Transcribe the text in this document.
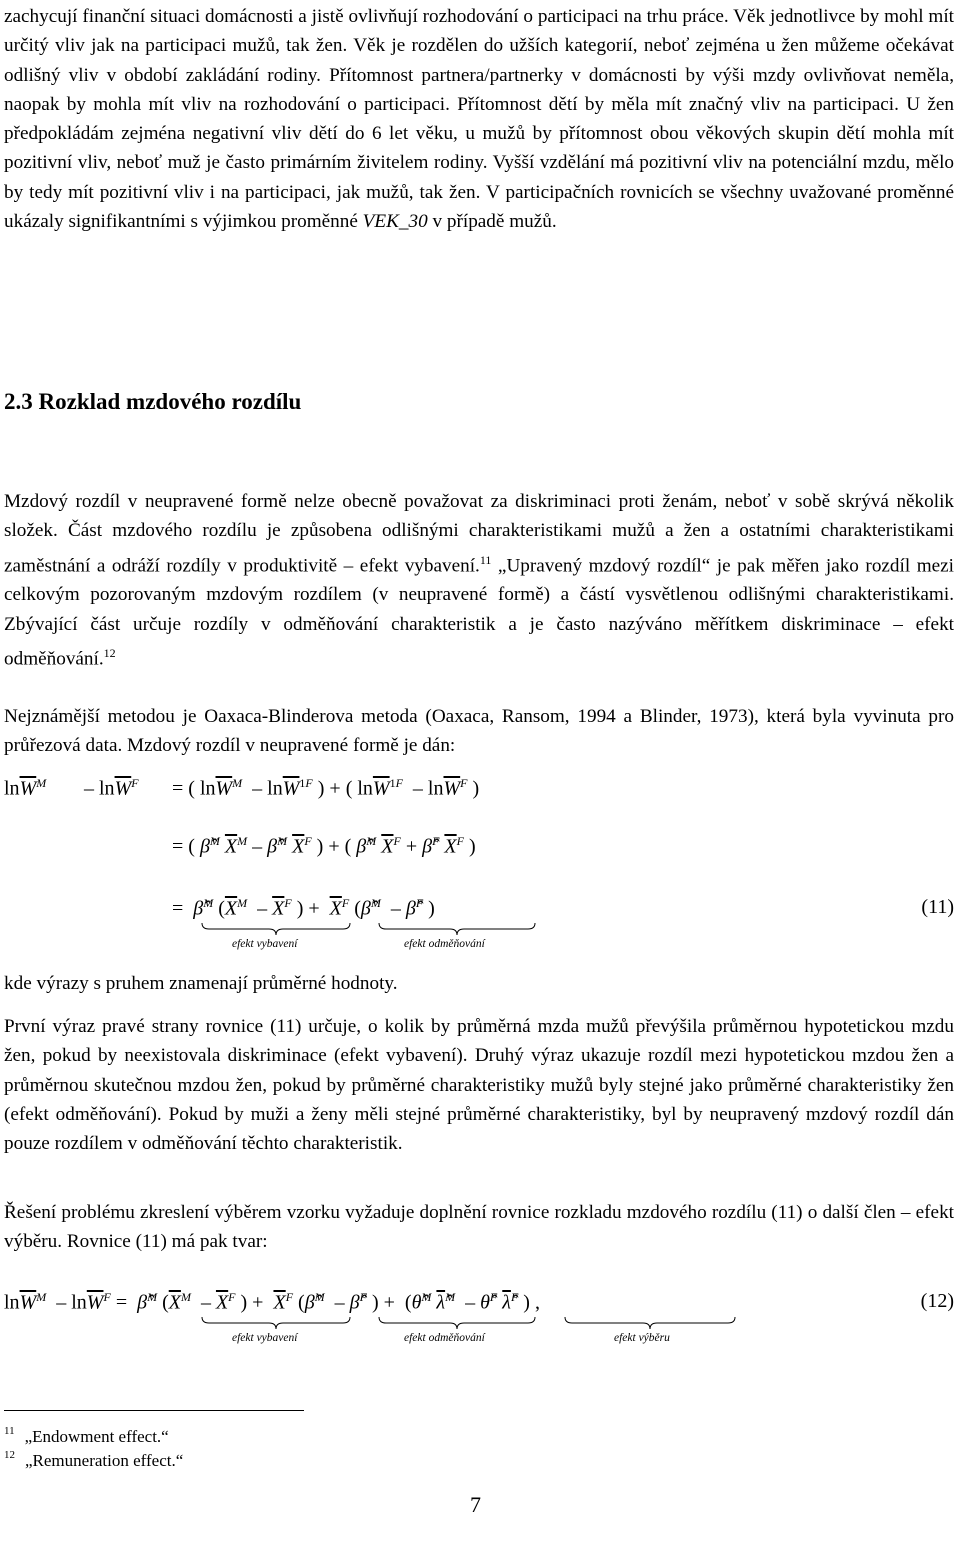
zachycují finanční situaci domácnosti a jistě ovlivňují rozhodování o participaci na trhu práce. Věk jednotlivce by mohl mít určitý vliv jak na participaci mužů, tak žen. Věk je rozdělen do užších kategorií, neboť zejména u žen můžeme očekávat odlišný vliv v období zakládání rodiny. Přítomnost partnera/partnerky v domácnosti by výši mzdy ovlivňovat neměla, naopak by mohla mít vliv na rozhodování o participaci. Přítomnost dětí by měla mít značný vliv na participaci. U žen předpokládám zejména negativní vliv dětí do 6 let věku, u mužů by přítomnost obou věkových skupin dětí mohla mít pozitivní vliv, neboť muž je často primárním živitelem rodiny. Vyšší vzdělání má pozitivní vliv na potenciální mzdu, mělo by tedy mít pozitivní vliv i na participaci, jak mužů, tak žen. V participačních rovnicích se všechny uvažované proměnné ukázaly signifikantními s výjimkou proměnné VEK_30 v případě mužů.

2.3 Rozklad mzdového rozdílu

Mzdový rozdíl v neupravené formě nelze obecně považovat za diskriminaci proti ženám, neboť v sobě skrývá několik složek. Část mzdového rozdílu je způsobena odlišnými charakteristikami mužů a žen a ostatními charakteristikami zaměstnání a odráží rozdíly v produktivitě – efekt vybavení.$^{11}$ „Upravený mzdový rozdíl“ je pak měřen jako rozdíl mezi celkovým pozorovaným mzdovým rozdílem (v neupravené formě) a částí vysvětlenou odlišnými charakteristikami. Zbývající část určuje rozdíly v odměňování charakteristik a je často nazýváno měřítkem diskriminace – efekt odměňování.$^{12}$

Nejznámější metodou je Oaxaca-Blinderova metoda (Oaxaca, Ransom, 1994 a Blinder, 1973), která byla vyvinuta pro průřezová data. Mzdový rozdíl v neupravené formě je dán:

$\ln\overline{W}^M - \ln\overline{W}^F$ = ( $\ln\overline{W}^M - \ln\overline{W}^{1F}$ ) + ( $\ln\overline{W}^{1F} - \ln\overline{W}^F$ )
= ( β̂$^M$ $\overline{X}^M$ – β̂$^M$ $\overline{X}^F$ ) + ( β̂$^M$ $\overline{X}^F$ + β̂$^F$ $\overline{X}^F$ )
=  β̂$^M$ ($\overline{X}^M - \overline{X}^F$ ) +  $\overline{X}^F$ (β̂$^M$  – β̂$^F$ )	(11)
efekt vybavení	efekt odměňování

kde výrazy s pruhem znamenají průměrné hodnoty.

První výraz pravé strany rovnice (11) určuje, o kolik by průměrná mzda mužů převýšila průměrnou hypotetickou mzdu žen, pokud by neexistovala diskriminace (efekt vybavení). Druhý výraz ukazuje rozdíl mezi hypotetickou mzdou žen a průměrnou skutečnou mzdou žen, pokud by průměrné charakteristiky mužů byly stejné jako průměrné charakteristiky žen (efekt odměňování). Pokud by muži a ženy měli stejné průměrné charakteristiky, byl by neupravený mzdový rozdíl dán pouze rozdílem v odměňování těchto charakteristik.

Řešení problému zkreslení výběrem vzorku vyžaduje doplnění rovnice rozkladu mzdového rozdílu (11) o další člen – efekt výběru. Rovnice (11) má pak tvar:

$\ln\overline{W}^M - \ln\overline{W}^F$ =  β̂$^M$ ($\overline{X}^M - \overline{X}^F$ ) +  $\overline{X}^F$ (β̂$^M$  – β̂$^F$ ) +  (θ̂$^M$ λ̂$^M$  – θ̂$^F$ λ̂$^F$ ) ,	(12)
efekt vybavení	efekt odměňování	efekt výběru
$^{11}$ „Endowment effect.“
$^{12}$ „Remuneration effect.“
7
